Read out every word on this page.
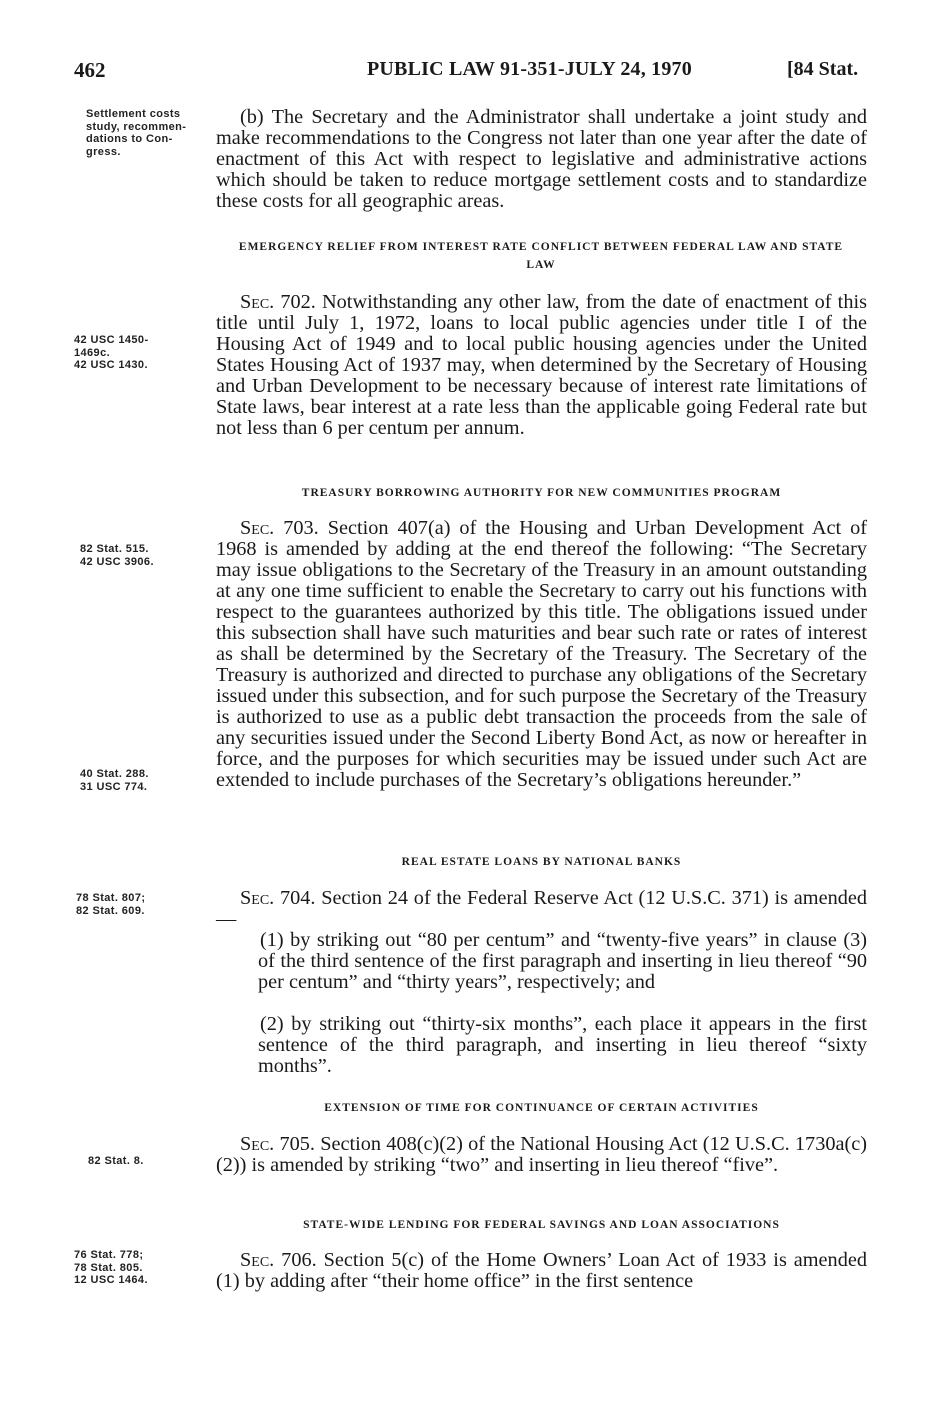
462	PUBLIC LAW 91-351-JULY 24, 1970	[84 Stat.
Settlement costs
study, recommen-
dations to Con-
gress.
42 USC 1450-
1469c.
42 USC 1430.
82 Stat. 515.
42 USC 3906.
40 Stat. 288.
31 USC 774.
78 Stat. 807;
82 Stat. 609.
82 Stat. 8.
76 Stat. 778;
78 Stat. 805.
12 USC 1464.

(b) The Secretary and the Administrator shall undertake a joint study and make recommendations to the Congress not later than one year after the date of enactment of this Act with respect to legislative and administrative actions which should be taken to reduce mortgage settlement costs and to standardize these costs for all geographic areas.

EMERGENCY RELIEF FROM INTEREST RATE CONFLICT BETWEEN FEDERAL LAW AND STATE LAW

Sec. 702. Notwithstanding any other law, from the date of enactment of this title until July 1, 1972, loans to local public agencies under title I of the Housing Act of 1949 and to local public housing agencies under the United States Housing Act of 1937 may, when determined by the Secretary of Housing and Urban Development to be necessary because of interest rate limitations of State laws, bear interest at a rate less than the applicable going Federal rate but not less than 6 per centum per annum.

TREASURY BORROWING AUTHORITY FOR NEW COMMUNITIES PROGRAM

Sec. 703. Section 407(a) of the Housing and Urban Development Act of 1968 is amended by adding at the end thereof the following: “The Secretary may issue obligations to the Secretary of the Treasury in an amount outstanding at any one time sufficient to enable the Secretary to carry out his functions with respect to the guarantees authorized by this title. The obligations issued under this subsection shall have such maturities and bear such rate or rates of interest as shall be determined by the Secretary of the Treasury. The Secretary of the Treasury is authorized and directed to purchase any obligations of the Secretary issued under this subsection, and for such purpose the Secretary of the Treasury is authorized to use as a public debt transaction the proceeds from the sale of any securities issued under the Second Liberty Bond Act, as now or hereafter in force, and the purposes for which securities may be issued under such Act are extended to include purchases of the Secretary’s obligations hereunder.”

REAL ESTATE LOANS BY NATIONAL BANKS

Sec. 704. Section 24 of the Federal Reserve Act (12 U.S.C. 371) is amended—

(1) by striking out “80 per centum” and “twenty-five years” in clause (3) of the third sentence of the first paragraph and inserting in lieu thereof “90 per centum” and “thirty years”, respectively; and

(2) by striking out “thirty-six months”, each place it appears in the first sentence of the third paragraph, and inserting in lieu thereof “sixty months”.

EXTENSION OF TIME FOR CONTINUANCE OF CERTAIN ACTIVITIES

Sec. 705. Section 408(c)(2) of the National Housing Act (12 U.S.C. 1730a(c)(2)) is amended by striking “two” and inserting in lieu thereof “five”.

STATE-WIDE LENDING FOR FEDERAL SAVINGS AND LOAN ASSOCIATIONS

Sec. 706. Section 5(c) of the Home Owners’ Loan Act of 1933 is amended (1) by adding after “their home office” in the first sentence
